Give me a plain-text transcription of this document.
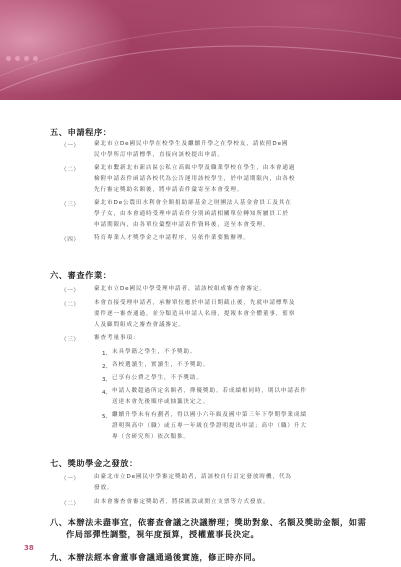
五、申請程序：
（一）	臺北市立De國民中學在校學生及繼續升學之在學校友，請依照De國
民中學所訂申請標準，直接向該校提出申請。
（二）	臺北市繫新北市新店區公私立高級中學及職業學校在學生，由本會通過
檢附申請表件函請各校代為公告運用該校學生，於申請期限內，由各校
先行審定獎助名額後，將申請表件彙寄至本會受理。
（三）	臺北市De公農田水利會全額捐助卻基金之財團法人基金會員工及其在
學子女，由本會通時受理申請表件分別函請相關單位轉知所屬員工於
申請期限內，由各單位彙整申請表件資料後，送至本會受理。
（四）	特育專業人才獎學金之申請程序，另依作業要點辦理。
六、審查作業：
（一）	臺北市立De國民中學受理申請者，請該校組成審查會審定。
（二）	本會直接受理申請者，承辦單位應於申請日期截止後，先就申請標準及
要件逐一審查通過，並分類造具申請人名冊，提報本會全體董事，監察
人及顧問組成之審查會議審定。
（三）	審查考量事項：
1、 未具學籍之學生，不予獎助。
2、 各校選讀生，實讀生，不予獎助。
3、 已享有公費之學生，不予獎助。
4、 申請人數超過所定名額者，擇優獎助。若成績相同時，則以申請表件
送達本會先後順序或抽籤決定之。
5、 繼續升學未有有劃者，得以國小六年級及國中第三年下學期學業成績
證明與高中（職）或五專一年級在學證明提出申請；高中（職）升大
專（含研究所）依次類推。
七、獎助學金之發放：
（一）	由臺北市立De國民中學審定獎助者，請該校自行訂定發放時機，代為
發放。
（二）	由本會審查會審定獎助者，將採匯款或開立支票等方式發放。
八、本辦法未盡事宜，依審查會議之決議辦理；獎助對象、名額及獎助金額，如需
作局部彈性調整，視年度預算，授權董事長決定。
九、本辦法經本會董事會議通過後實施，修正時亦同。
38
